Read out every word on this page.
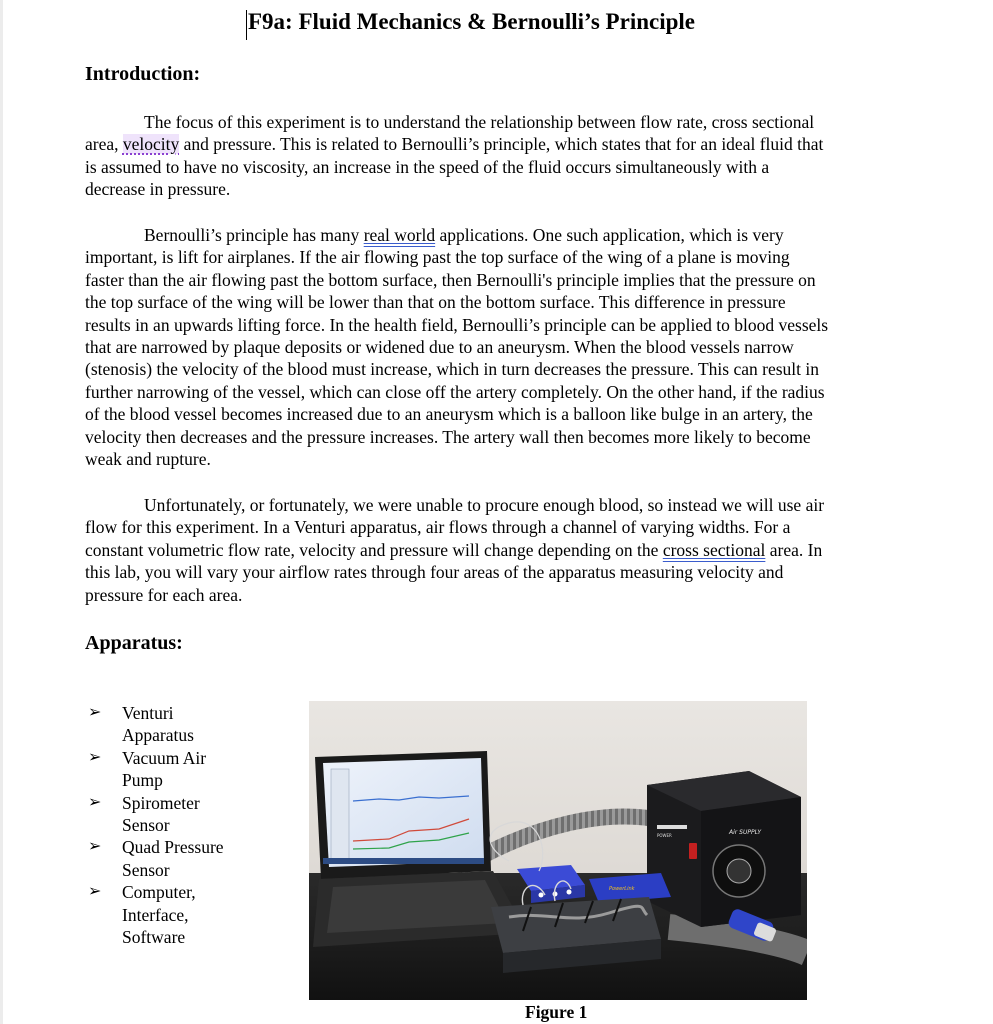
F9a: Fluid Mechanics & Bernoulli’s Principle
Introduction:
The focus of this experiment is to understand the relationship between flow rate, cross sectional
area, velocity and pressure. This is related to Bernoulli’s principle, which states that for an ideal fluid that
is assumed to have no viscosity, an increase in the speed of the fluid occurs simultaneously with a
decrease in pressure.
Bernoulli’s principle has many real world applications. One such application, which is very
important, is lift for airplanes. If the air flowing past the top surface of the wing of a plane is moving
faster than the air flowing past the bottom surface, then Bernoulli's principle implies that the pressure on
the top surface of the wing will be lower than that on the bottom surface. This difference in pressure
results in an upwards lifting force. In the health field, Bernoulli’s principle can be applied to blood vessels
that are narrowed by plaque deposits or widened due to an aneurysm. When the blood vessels narrow
(stenosis) the velocity of the blood must increase, which in turn decreases the pressure. This can result in
further narrowing of the vessel, which can close off the artery completely. On the other hand, if the radius
of the blood vessel becomes increased due to an aneurysm which is a balloon like bulge in an artery, the
velocity then decreases and the pressure increases. The artery wall then becomes more likely to become
weak and rupture.
Unfortunately, or fortunately, we were unable to procure enough blood, so instead we will use air
flow for this experiment. In a Venturi apparatus, air flows through a channel of varying widths. For a
constant volumetric flow rate, velocity and pressure will change depending on the cross sectional area. In
this lab, you will vary your airflow rates through four areas of the apparatus measuring velocity and
pressure for each area.
Apparatus:
➢ Venturi
Apparatus
➢ Vacuum Air
Pump
➢ Spirometer
Sensor
➢ Quad Pressure
Sensor
➢ Computer,
Interface,
Software
Air SUPPLY
POWER
PowerLink
Figure 1
